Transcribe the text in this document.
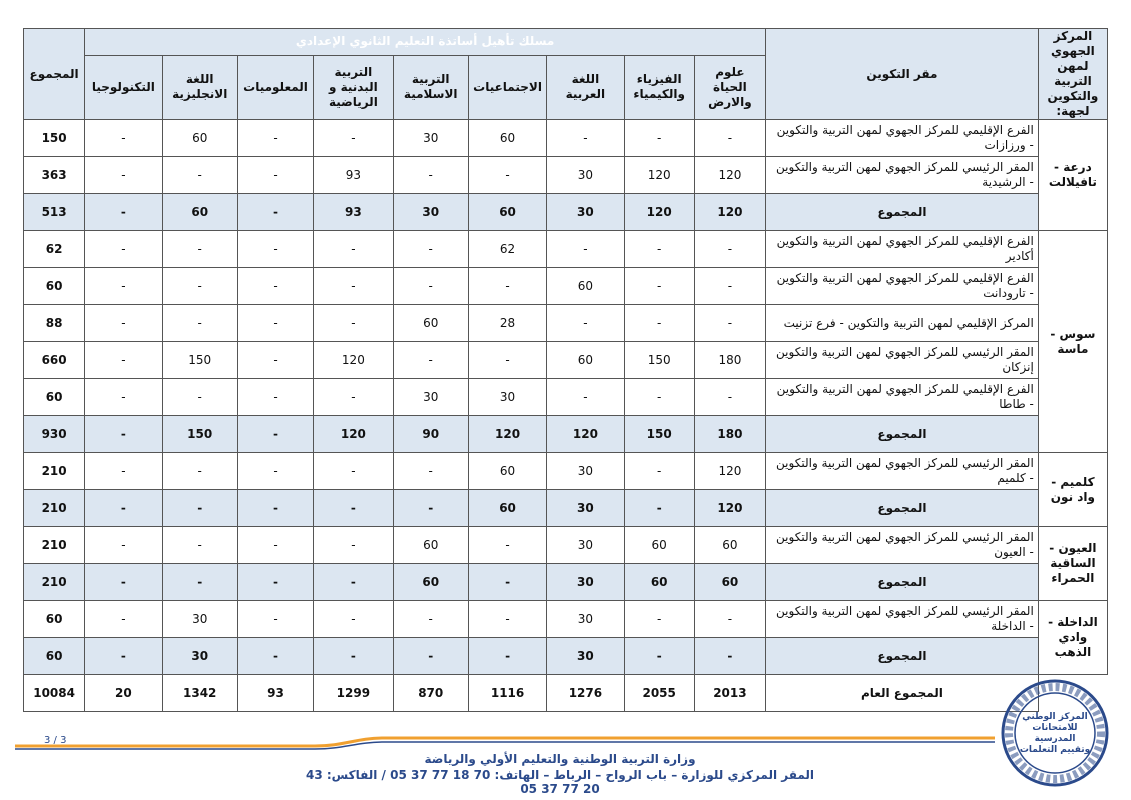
المركز الجهوي لمهن التربية والتكوين لجهة:	مقر التكوين	مسلك تأهيل أساتذة التعليم الثانوي الإعدادي									المجموع
		علوم الحياة والارض	الفيزياء والكيمياء	اللغة العربية	الاجتماعيات	التربية الاسلامية	التربية البدنية و الرياضية	المعلوميات	اللغة الانجليزية	التكنولوجيا	
درعة - تافيلالت	الفرع الإقليمي للمركز الجهوي لمهن التربية والتكوين - ورزازات	-	-	-	60	30	-	-	60	-	150
	المقر الرئيسي للمركز الجهوي لمهن التربية والتكوين - الرشيدية	120	120	30	-	-	93	-	-	-	363
	المجموع	120	120	30	60	30	93	-	60	-	513
سوس - ماسة	الفرع الإقليمي للمركز الجهوي لمهن التربية والتكوين أكادير	-	-	-	62	-	-	-	-	-	62
	الفرع الإقليمي للمركز الجهوي لمهن التربية والتكوين - تارودانت	-	-	60	-	-	-	-	-	-	60
	المركز الإقليمي لمهن التربية والتكوين - فرع تزنيت	-	-	-	28	60	-	-	-	-	88
	المقر الرئيسي للمركز الجهوي لمهن التربية والتكوين إنزكان	180	150	60	-	-	120	-	150	-	660
	الفرع الإقليمي للمركز الجهوي لمهن التربية والتكوين - طاطا	-	-	-	30	30	-	-	-	-	60
	المجموع	180	150	120	120	90	120	-	150	-	930
كلميم - واد نون	المقر الرئيسي للمركز الجهوي لمهن التربية والتكوين - كلميم	120	-	30	60	-	-	-	-	-	210
	المجموع	120	-	30	60	-	-	-	-	-	210
العيون - الساقية الحمراء	المقر الرئيسي للمركز الجهوي لمهن التربية والتكوين - العيون	60	60	30	-	60	-	-	-	-	210
	المجموع	60	60	30	-	60	-	-	-	-	210
الداخلة - وادي الذهب	المقر الرئيسي للمركز الجهوي لمهن التربية والتكوين - الداخلة	-	-	30	-	-	-	-	30	-	60
	المجموع	-	-	30	-	-	-	-	30	-	60
	المجموع العام	2013	2055	1276	1116	870	1299	93	1342	20	10084
3 / 3
وزارة التربية الوطنية والتعليم الأولي والرياضة
المقر المركزي للوزارة – باب الرواح – الرباط – الهاتف: 70 18 77 37 05 / الفاكس: 43 20 77 37 05
المركز الوطني
للامتحانات المدرسية
وتقييم التعلمات
